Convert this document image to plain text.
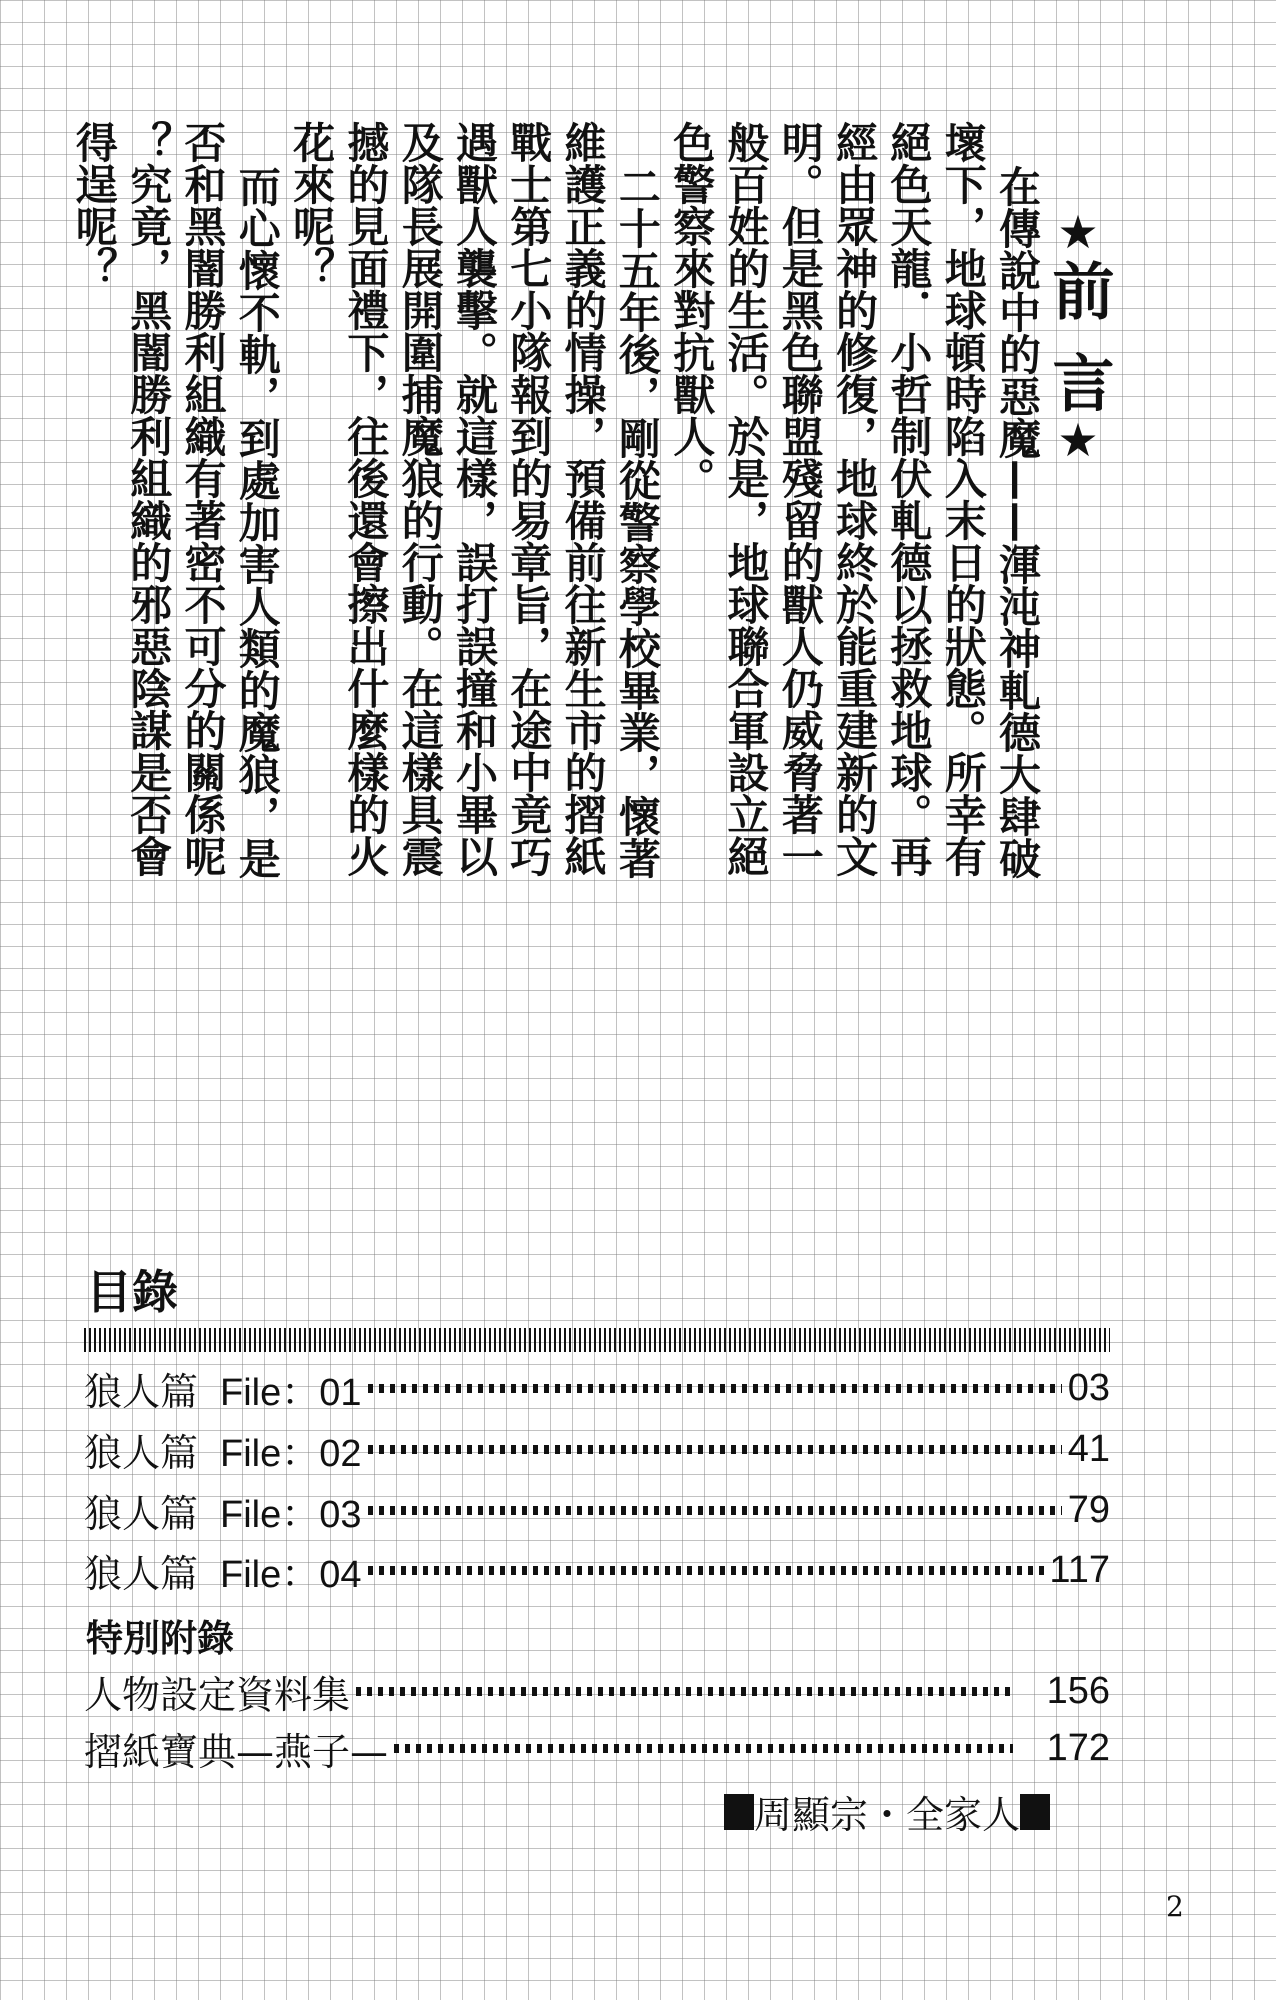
★前言★
在傳說中的惡魔——渾沌神軋德大肆破
壞下，地球頓時陷入末日的狀態。所幸有
絕色天龍．小哲制伏軋德以拯救地球。再
經由眾神的修復，地球終於能重建新的文
明。但是黑色聯盟殘留的獸人仍威脅著一
般百姓的生活。於是，地球聯合軍設立絕
色警察來對抗獸人。
二十五年後，剛從警察學校畢業，懷著
維護正義的情操，預備前往新生市的摺紙
戰士第七小隊報到的易章旨，在途中竟巧
遇獸人襲擊。就這樣，誤打誤撞和小畢以
及隊長展開圍捕魔狼的行動。在這樣具震
撼的見面禮下，往後還會擦出什麼樣的火
花來呢？
而心懷不軌，到處加害人類的魔狼，是
否和黑闇勝利組織有著密不可分的關係呢
？究竟，黑闇勝利組織的邪惡陰謀是否會
得逞呢？
目錄
狼人篇 File：01	03
狼人篇 File：02	41
狼人篇 File：03	79
狼人篇 File：04	117
特別附錄
人物設定資料集	156
摺紙寶典—燕子—	172
周顯宗・全家人
2
